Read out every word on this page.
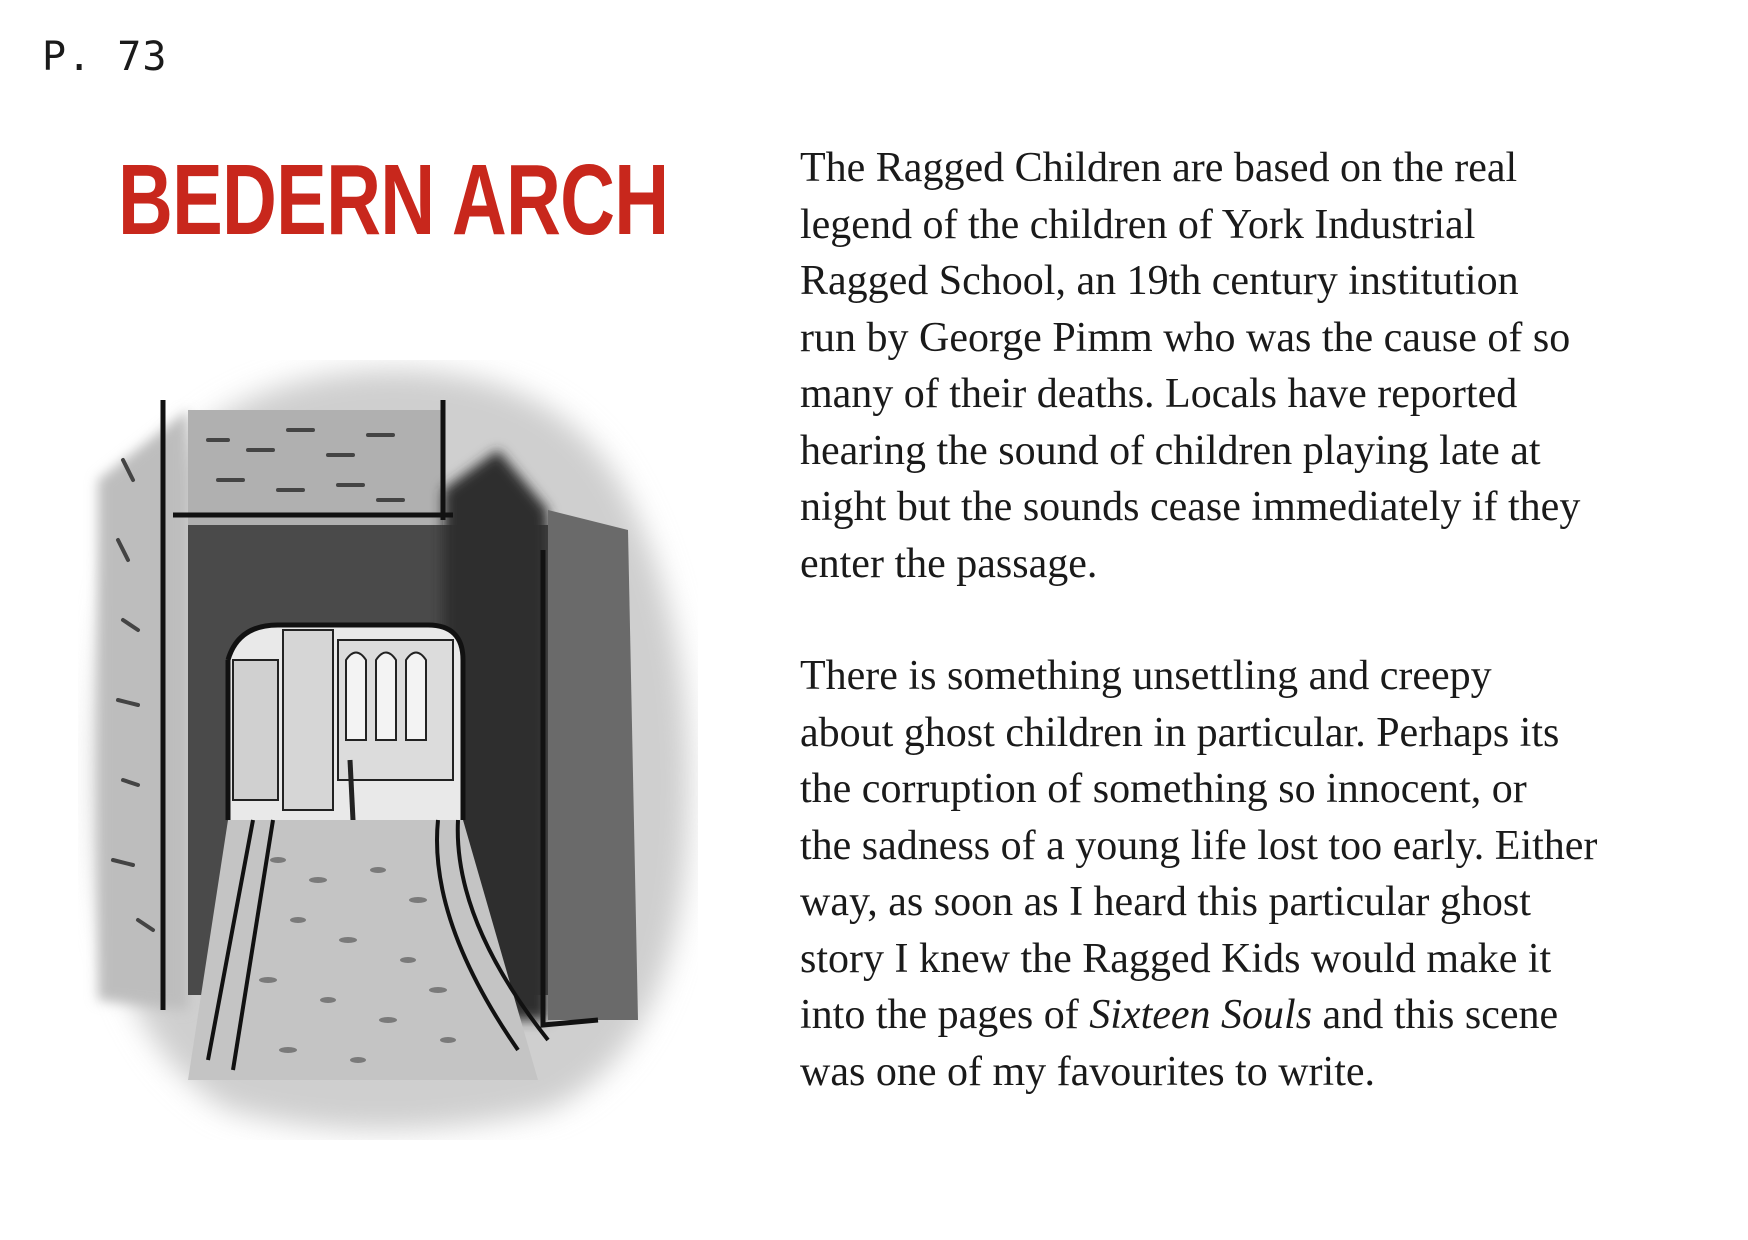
P. 73
BEDERN ARCH	The Ragged Children are based on the real
legend of the children of York Industrial
Ragged School, an 19th century institution
run by George Pimm who was the cause of so
many of their deaths. Locals have reported
hearing the sound of children playing late at
night but the sounds cease immediately if they
enter the passage.

There is something unsettling and creepy
about ghost children in particular. Perhaps its
the corruption of something so innocent, or
the sadness of a young life lost too early. Either
way, as soon as I heard this particular ghost
story I knew the Ragged Kids would make it
into the pages of Sixteen Souls and this scene
was one of my favourites to write.
